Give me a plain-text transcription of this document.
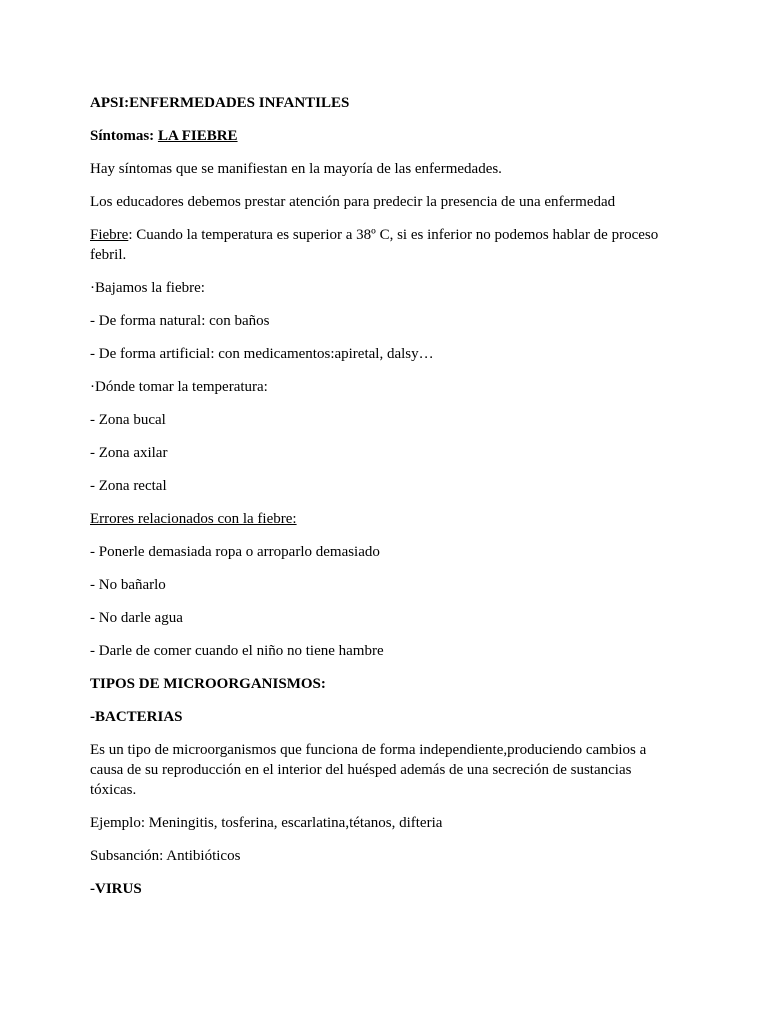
APSI:ENFERMEDADES INFANTILES

Síntomas: LA FIEBRE

Hay síntomas que se manifiestan en la mayoría de las enfermedades.

Los educadores debemos prestar atención para predecir la presencia de una enfermedad

Fiebre: Cuando la temperatura es superior a 38º C, si es inferior no podemos hablar de proceso febril.

·Bajamos la fiebre:

- De forma natural: con baños

- De forma artificial: con medicamentos:apiretal, dalsy…

·Dónde tomar la temperatura:

- Zona bucal

- Zona axilar

- Zona rectal

Errores relacionados con la fiebre:

- Ponerle demasiada ropa o arroparlo demasiado

- No bañarlo

- No darle agua

- Darle de comer cuando el niño no tiene hambre

TIPOS DE MICROORGANISMOS:

-BACTERIAS

Es un tipo de microorganismos que funciona de forma independiente,produciendo cambios a causa de su reproducción en el interior del huésped además de una secreción de sustancias tóxicas.

Ejemplo: Meningitis, tosferina, escarlatina,tétanos, difteria

Subsanción: Antibióticos

-VIRUS
